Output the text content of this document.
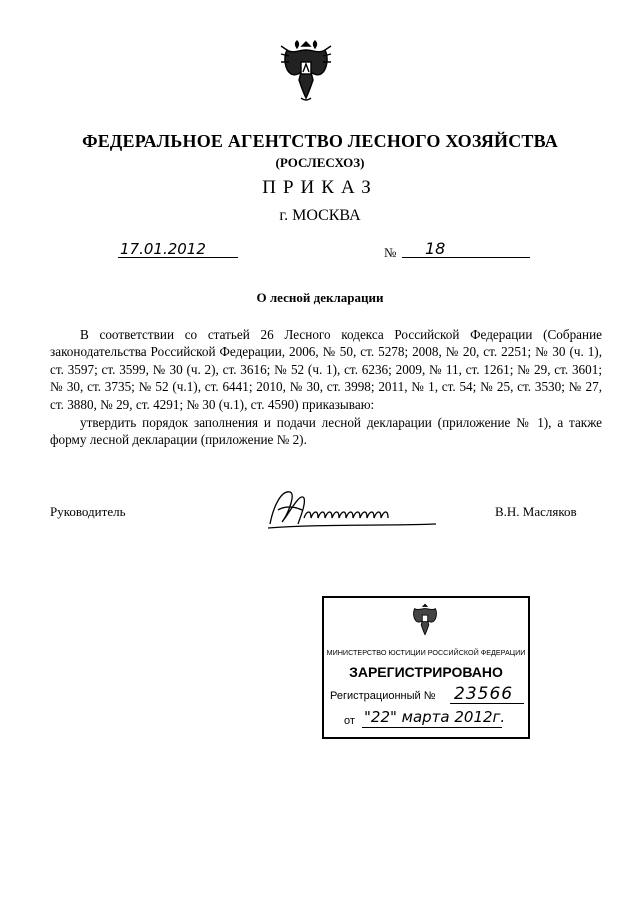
ФЕДЕРАЛЬНОЕ АГЕНТСТВО ЛЕСНОГО ХОЗЯЙСТВА
(РОСЛЕСХОЗ)
ПРИКАЗ
г. МОСКВА
17.01.2012	№ 18
О лесной декларации

В соответствии со статьей 26 Лесного кодекса Российской Федерации (Собрание законодательства Российской Федерации, 2006, № 50, ст. 5278; 2008, № 20, ст. 2251; № 30 (ч. 1), ст. 3597; ст. 3599, № 30 (ч. 2), ст. 3616; № 52 (ч. 1), ст. 6236; 2009, № 11, ст. 1261; № 29, ст. 3601; № 30, ст. 3735; № 52 (ч.1), ст. 6441; 2010, № 30, ст. 3998; 2011, № 1, ст. 54; № 25, ст. 3530; № 27, ст. 3880, № 29, ст. 4291; № 30 (ч.1), ст. 4590) приказываю:

утвердить порядок заполнения и подачи лесной декларации (приложение № 1), а также форму лесной декларации (приложение № 2).

Руководитель	В.Н. Масляков
МИНИСТЕРСТВО ЮСТИЦИИ РОССИЙСКОЙ ФЕДЕРАЦИИ
ЗАРЕГИСТРИРОВАНО
Регистрационный № 23566
от "22" марта 2012г.
